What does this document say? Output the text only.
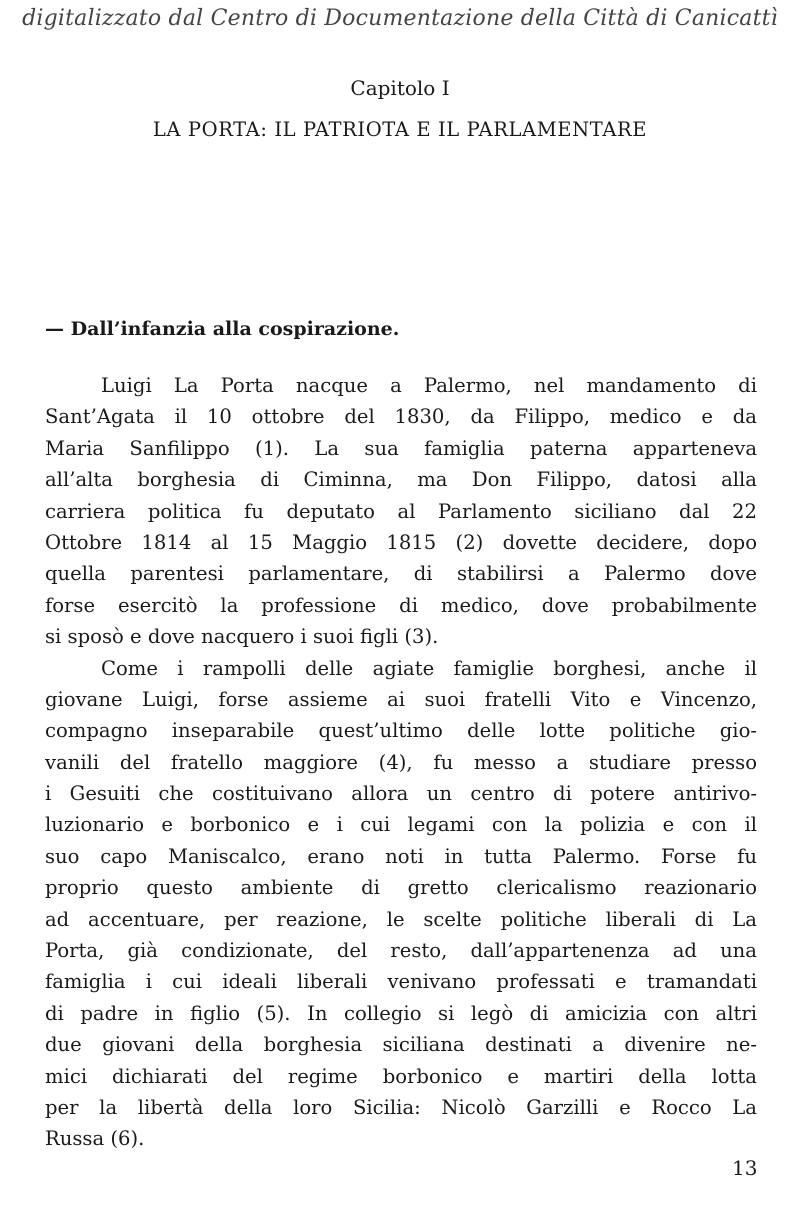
digitalizzato dal Centro di Documentazione della Città di Canicattì
Capitolo I
LA PORTA: IL PATRIOTA E IL PARLAMENTARE
— Dall’infanzia alla cospirazione.
Luigi La Porta nacque a Palermo, nel mandamento di
Sant’Agata il 10 ottobre del 1830, da Filippo, medico e da
Maria Sanfilippo (1). La sua famiglia paterna apparteneva
all’alta borghesia di Ciminna, ma Don Filippo, datosi alla
carriera politica fu deputato al Parlamento siciliano dal 22
Ottobre 1814 al 15 Maggio 1815 (2) dovette decidere, dopo
quella parentesi parlamentare, di stabilirsi a Palermo dove
forse esercitò la professione di medico, dove probabilmente
si sposò e dove nacquero i suoi figli (3).
Come i rampolli delle agiate famiglie borghesi, anche il
giovane Luigi, forse assieme ai suoi fratelli Vito e Vincenzo,
compagno inseparabile quest’ultimo delle lotte politiche gio-
vanili del fratello maggiore (4), fu messo a studiare presso
i Gesuiti che costituivano allora un centro di potere antirivo-
luzionario e borbonico e i cui legami con la polizia e con il
suo capo Maniscalco, erano noti in tutta Palermo. Forse fu
proprio questo ambiente di gretto clericalismo reazionario
ad accentuare, per reazione, le scelte politiche liberali di La
Porta, già condizionate, del resto, dall’appartenenza ad una
famiglia i cui ideali liberali venivano professati e tramandati
di padre in figlio (5). In collegio si legò di amicizia con altri
due giovani della borghesia siciliana destinati a divenire ne-
mici dichiarati del regime borbonico e martiri della lotta
per la libertà della loro Sicilia: Nicolò Garzilli e Rocco La
Russa (6).
13
